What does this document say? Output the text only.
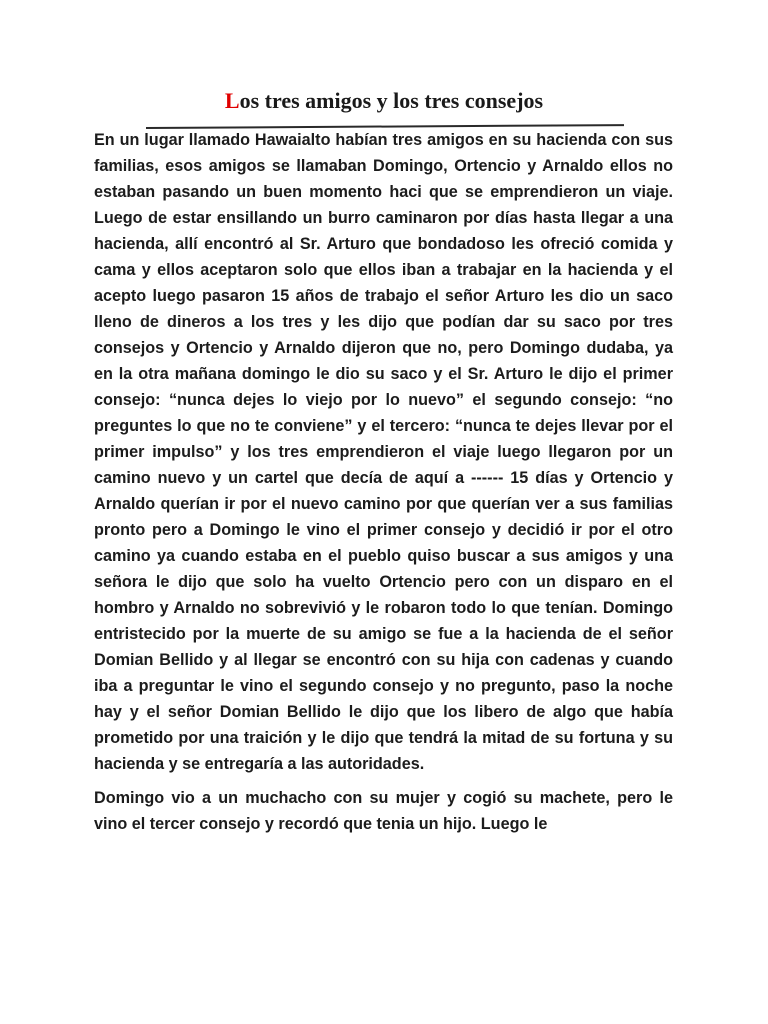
Los tres amigos y los tres consejos

En un lugar llamado Hawaialto habían tres amigos en su hacienda con sus familias, esos amigos se llamaban Domingo, Ortencio y Arnaldo ellos no estaban pasando un buen momento haci que se emprendieron un viaje. Luego de estar ensillando un burro caminaron por días hasta llegar a una hacienda, allí encontró al Sr. Arturo que bondadoso les ofreció comida y cama y ellos aceptaron solo que ellos iban a trabajar en la hacienda y el acepto luego pasaron 15 años de trabajo el señor Arturo les dio un saco lleno de dineros a los tres y les dijo que podían dar su saco por tres consejos y Ortencio y Arnaldo dijeron que no, pero Domingo dudaba, ya en la otra mañana domingo le dio su saco y el Sr. Arturo le dijo el primer consejo: “nunca dejes lo viejo por lo nuevo” el segundo consejo: “no preguntes lo que no te conviene” y el tercero: “nunca te dejes llevar por el primer impulso” y los tres emprendieron el viaje luego llegaron por un camino nuevo y un cartel que decía de aquí a ------ 15 días y Ortencio y Arnaldo querían ir por el nuevo camino por que querían ver a sus familias pronto pero a Domingo le vino el primer consejo y decidió ir por el otro camino ya cuando estaba en el pueblo quiso buscar a sus amigos y una señora le dijo que solo ha vuelto Ortencio pero con un disparo en el hombro y Arnaldo no sobrevivió y le robaron todo lo que tenían. Domingo entristecido por la muerte de su amigo se fue a la hacienda de el señor Domian Bellido y al llegar se encontró con su hija con cadenas y cuando iba a preguntar le vino el segundo consejo y no pregunto, paso la noche hay y el señor Domian Bellido le dijo que los libero de algo que había prometido por una traición y le dijo que tendrá la mitad de su fortuna y su hacienda y se entregaría a las autoridades.

Domingo vio a un muchacho con su mujer y cogió su machete, pero le vino el tercer consejo y recordó que tenia un hijo. Luego le
